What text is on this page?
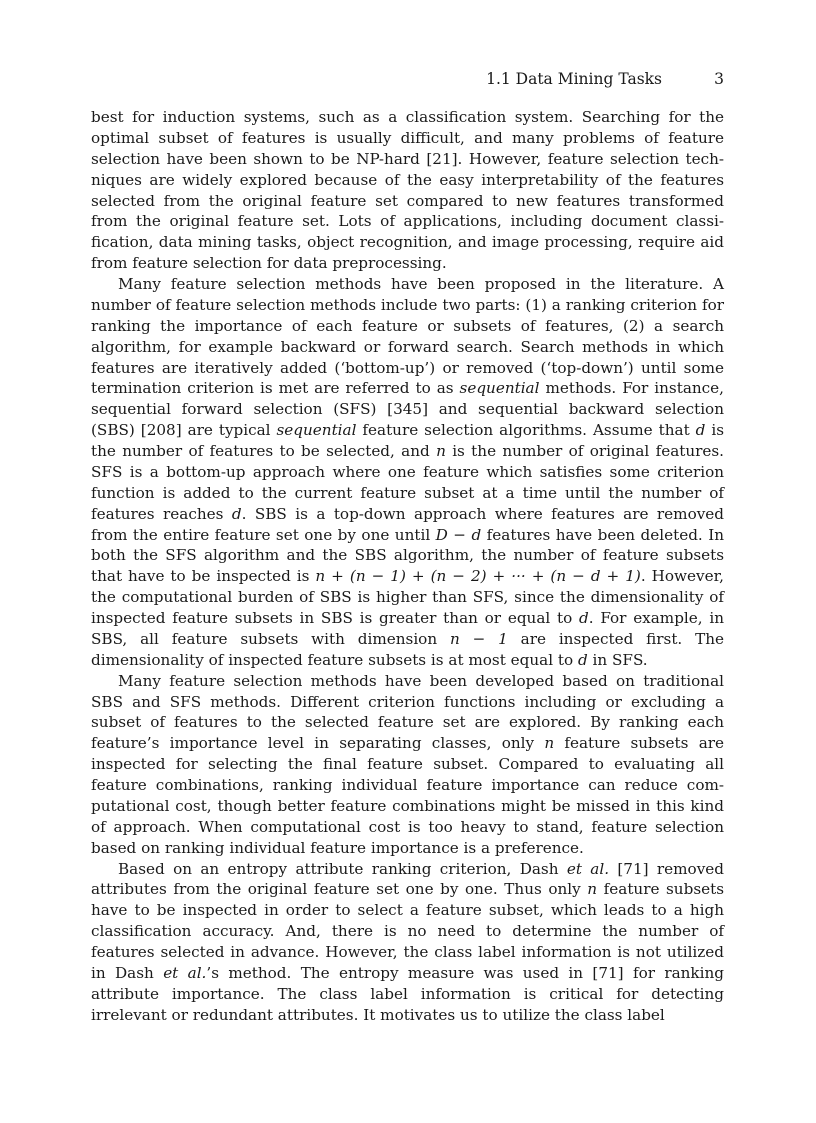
1.1 Data Mining Tasks	3

best for induction systems, such as a classification system. Searching for the optimal subset of features is usually difficult, and many problems of feature selection have been shown to be NP-hard [21]. However, feature selection techniques are widely explored because of the easy interpretability of the features selected from the original feature set compared to new features transformed from the original feature set. Lots of applications, including document classification, data mining tasks, object recognition, and image processing, require aid from feature selection for data preprocessing.

Many feature selection methods have been proposed in the literature. A number of feature selection methods include two parts: (1) a ranking criterion for ranking the importance of each feature or subsets of features, (2) a search algorithm, for example backward or forward search. Search methods in which features are iteratively added (‘bottom-up’) or removed (‘top-down’) until some termination criterion is met are referred to as sequential methods. For instance, sequential forward selection (SFS) [345] and sequential backward selection (SBS) [208] are typical sequential feature selection algorithms. Assume that d is the number of features to be selected, and n is the number of original features. SFS is a bottom-up approach where one feature which satisfies some criterion function is added to the current feature subset at a time until the number of features reaches d. SBS is a top-down approach where features are removed from the entire feature set one by one until D − d features have been deleted. In both the SFS algorithm and the SBS algorithm, the number of feature subsets that have to be inspected is n + (n − 1) + (n − 2) + ··· + (n − d + 1). However, the computational burden of SBS is higher than SFS, since the dimensionality of inspected feature subsets in SBS is greater than or equal to d. For example, in SBS, all feature subsets with dimension n − 1 are inspected first. The dimensionality of inspected feature subsets is at most equal to d in SFS.

Many feature selection methods have been developed based on traditional SBS and SFS methods. Different criterion functions including or excluding a subset of features to the selected feature set are explored. By ranking each feature’s importance level in separating classes, only n feature subsets are inspected for selecting the final feature subset. Compared to evaluating all feature combinations, ranking individual feature importance can reduce computational cost, though better feature combinations might be missed in this kind of approach. When computational cost is too heavy to stand, feature selection based on ranking individual feature importance is a preference.

Based on an entropy attribute ranking criterion, Dash et al. [71] removed attributes from the original feature set one by one. Thus only n feature subsets have to be inspected in order to select a feature subset, which leads to a high classification accuracy. And, there is no need to determine the number of features selected in advance. However, the class label information is not utilized in Dash et al.’s method. The entropy measure was used in [71] for ranking attribute importance. The class label information is critical for detecting irrelevant or redundant attributes. It motivates us to utilize the class label
